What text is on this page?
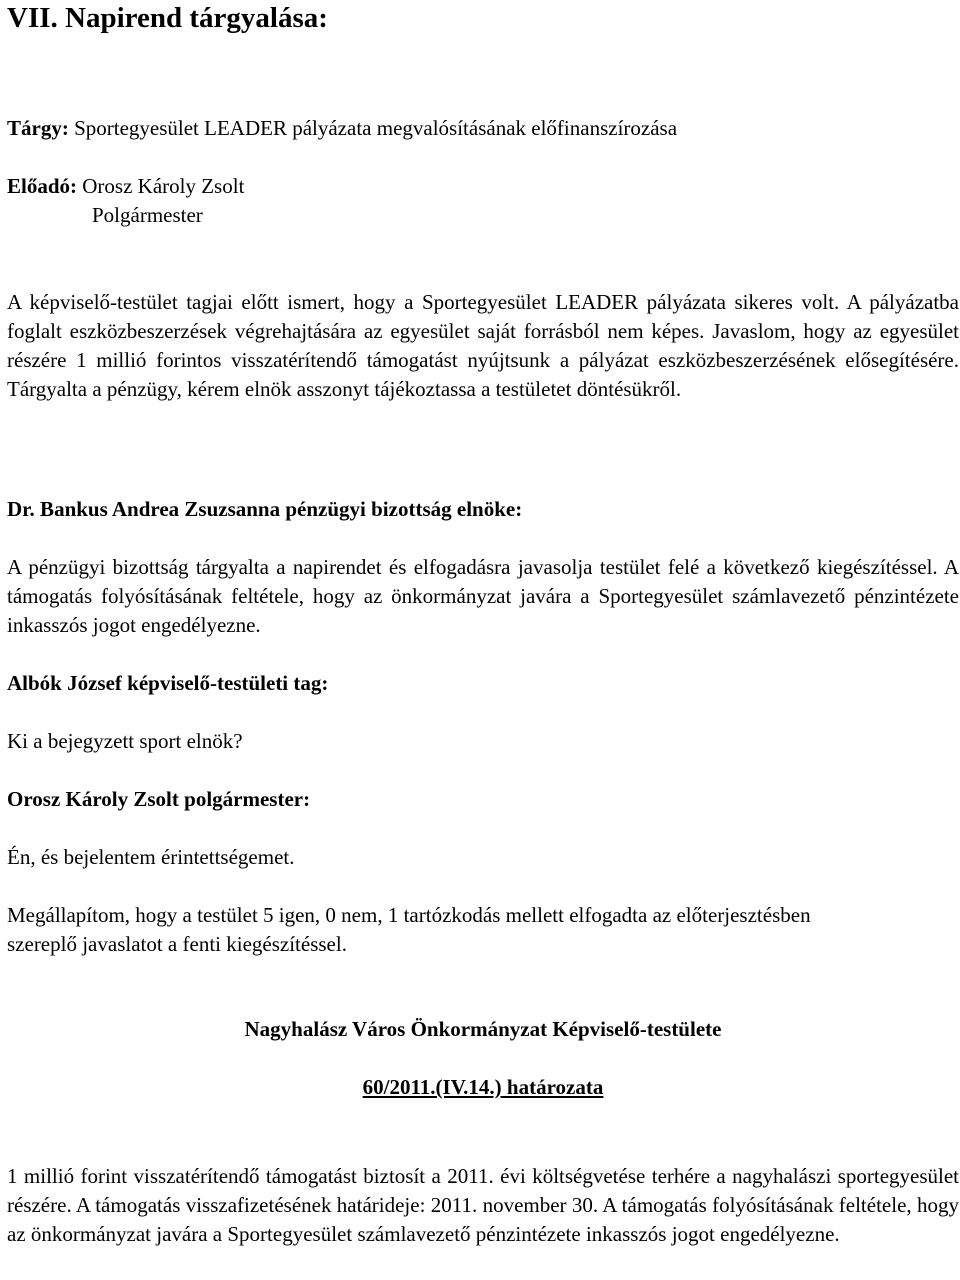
VII. Napirend tárgyalása:
Tárgy: Sportegyesület LEADER pályázata megvalósításának előfinanszírozása
Előadó: Orosz Károly Zsolt
Polgármester
A képviselő-testület tagjai előtt ismert, hogy a Sportegyesület LEADER pályázata sikeres volt. A pályázatba foglalt eszközbeszerzések végrehajtására az egyesület saját forrásból nem képes. Javaslom, hogy az egyesület részére 1 millió forintos visszatérítendő támogatást nyújtsunk a pályázat eszközbeszerzésének elősegítésére. Tárgyalta a pénzügy, kérem elnök asszonyt tájékoztassa a testületet döntésükről.
Dr. Bankus Andrea Zsuzsanna pénzügyi bizottság elnöke:
A pénzügyi bizottság tárgyalta a napirendet és elfogadásra javasolja testület felé a következő kiegészítéssel. A támogatás folyósításának feltétele, hogy az önkormányzat javára a Sportegyesület számlavezető pénzintézete inkasszós jogot engedélyezne.
Albók József képviselő-testületi tag:
Ki a bejegyzett sport elnök?
Orosz Károly Zsolt polgármester:
Én, és bejelentem érintettségemet.
Megállapítom, hogy a testület 5 igen, 0 nem, 1 tartózkodás mellett elfogadta az előterjesztésben szereplő javaslatot a fenti kiegészítéssel.
Nagyhalász Város Önkormányzat Képviselő-testülete
60/2011.(IV.14.) határozata
1 millió forint visszatérítendő támogatást biztosít a 2011. évi költségvetése terhére a nagyhalászi sportegyesület részére. A támogatás visszafizetésének határideje: 2011. november 30. A támogatás folyósításának feltétele, hogy az önkormányzat javára a Sportegyesület számlavezető pénzintézete inkasszós jogot engedélyezne.
